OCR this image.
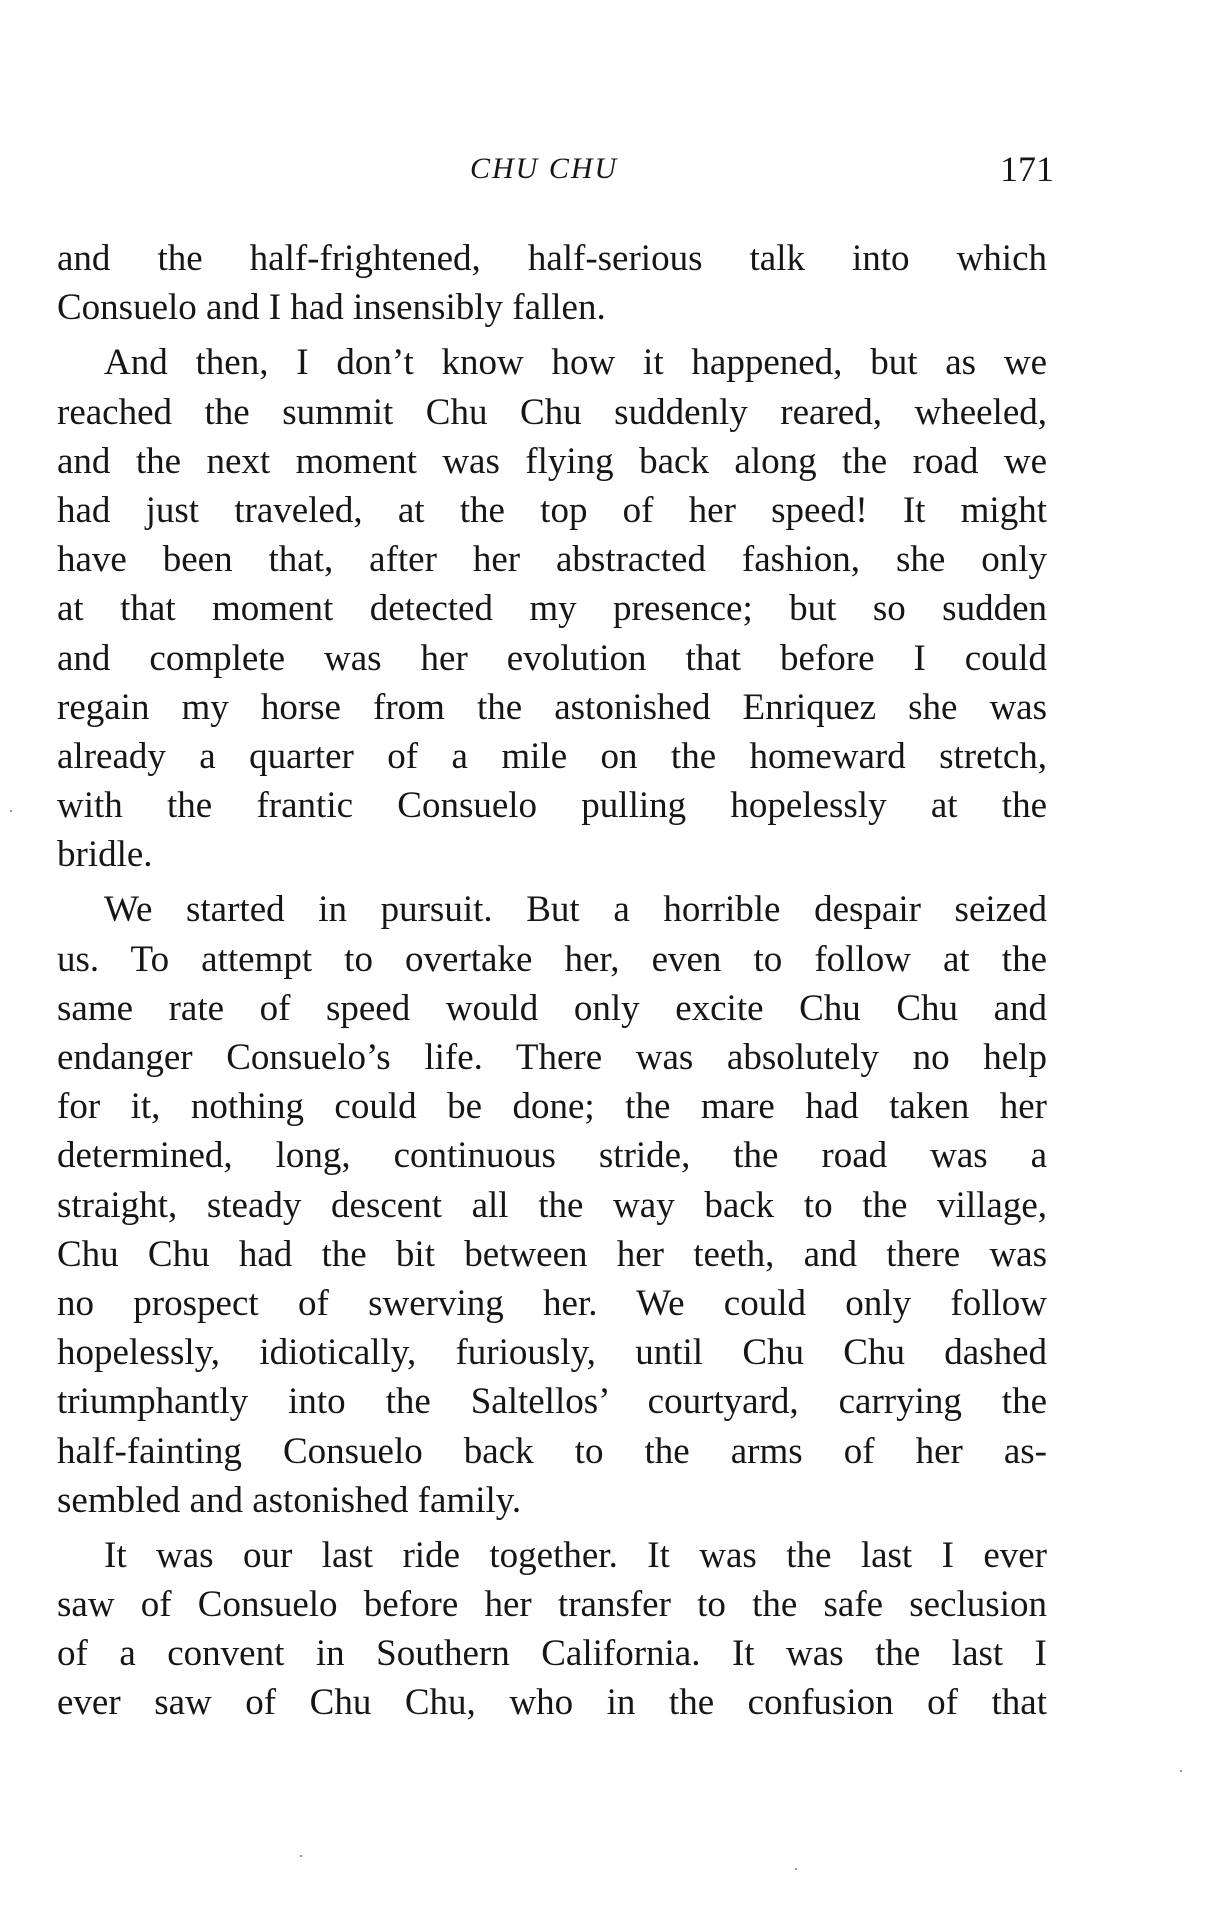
CHU CHU	171
and the half-frightened, half-serious talk into which
Consuelo and I had insensibly fallen.
And then, I don’t know how it happened, but as we
reached the summit Chu Chu suddenly reared, wheeled,
and the next moment was flying back along the road we
had just traveled, at the top of her speed! It might
have been that, after her abstracted fashion, she only
at that moment detected my presence; but so sudden
and complete was her evolution that before I could
regain my horse from the astonished Enriquez she was
already a quarter of a mile on the homeward stretch,
with the frantic Consuelo pulling hopelessly at the
bridle.
We started in pursuit. But a horrible despair seized
us. To attempt to overtake her, even to follow at the
same rate of speed would only excite Chu Chu and
endanger Consuelo’s life. There was absolutely no help
for it, nothing could be done; the mare had taken her
determined, long, continuous stride, the road was a
straight, steady descent all the way back to the village,
Chu Chu had the bit between her teeth, and there was
no prospect of swerving her. We could only follow
hopelessly, idiotically, furiously, until Chu Chu dashed
triumphantly into the Saltellos’ courtyard, carrying the
half-fainting Consuelo back to the arms of her as-
sembled and astonished family.
It was our last ride together. It was the last I ever
saw of Consuelo before her transfer to the safe seclusion
of a convent in Southern California. It was the last I
ever saw of Chu Chu, who in the confusion of that
